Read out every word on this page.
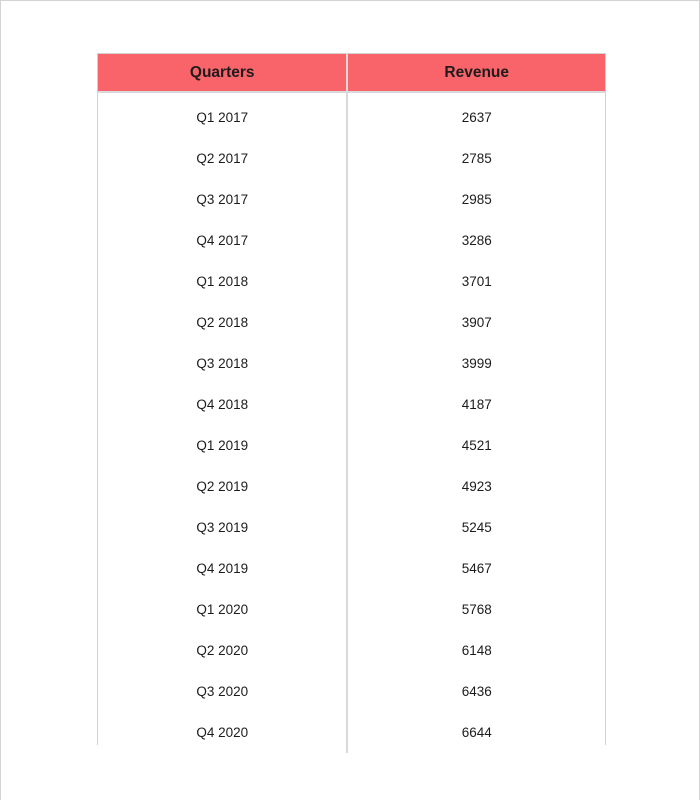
Quarters	Revenue
Q1 2017	2637
Q2 2017	2785
Q3 2017	2985
Q4 2017	3286
Q1 2018	3701
Q2 2018	3907
Q3 2018	3999
Q4 2018	4187
Q1 2019	4521
Q2 2019	4923
Q3 2019	5245
Q4 2019	5467
Q1 2020	5768
Q2 2020	6148
Q3 2020	6436
Q4 2020	6644
